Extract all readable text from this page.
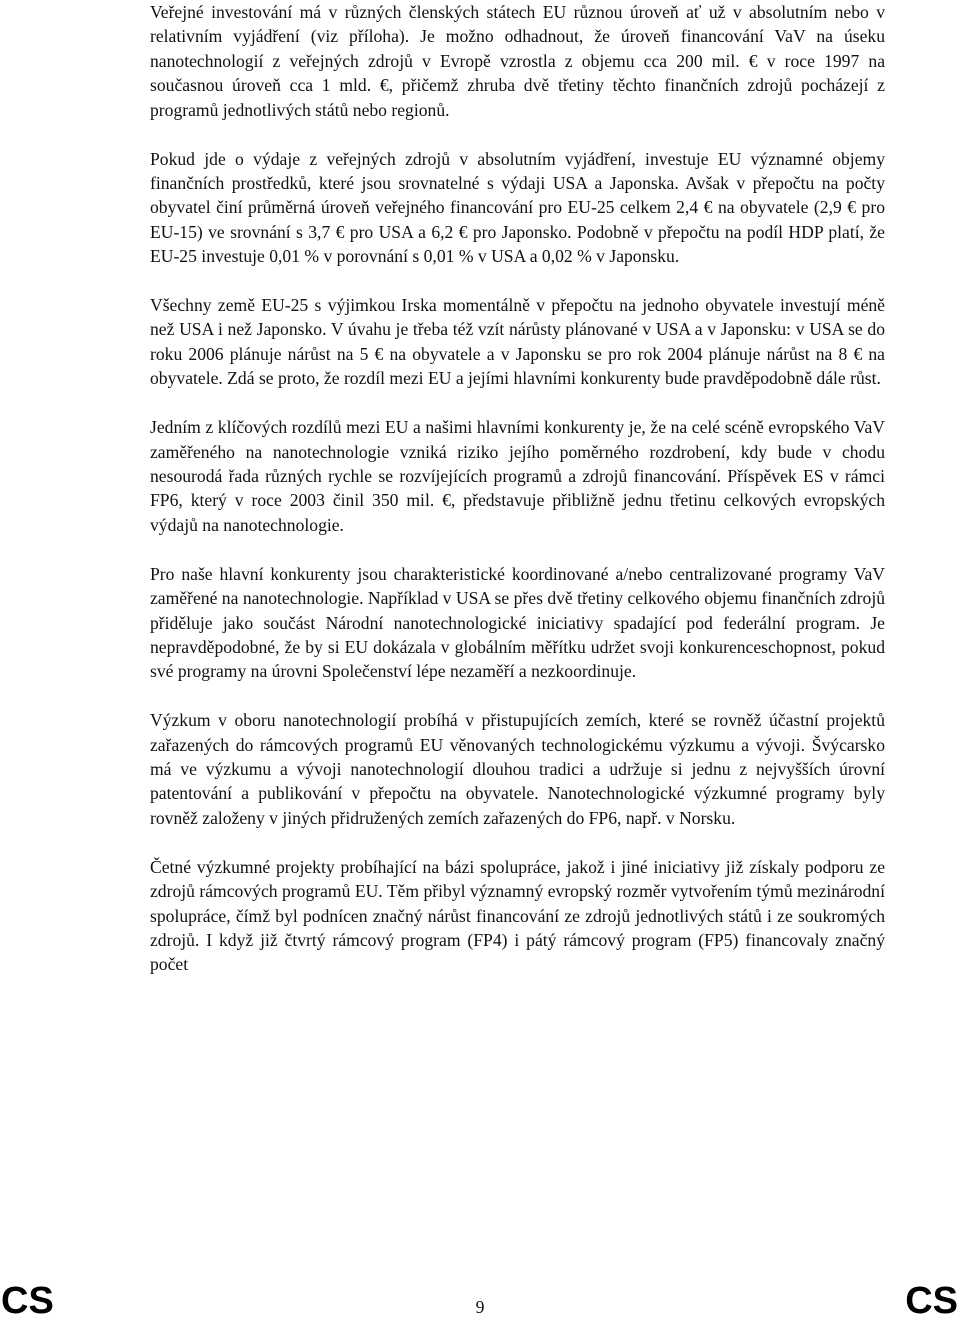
Veřejné investování má v různých členských státech EU různou úroveň ať už v absolutním nebo v relativním vyjádření (viz příloha). Je možno odhadnout, že úroveň financování VaV na úseku nanotechnologií z veřejných zdrojů v Evropě vzrostla z objemu cca 200 mil. € v roce 1997 na současnou úroveň cca 1 mld. €, přičemž zhruba dvě třetiny těchto finančních zdrojů pocházejí z programů jednotlivých států nebo regionů.

Pokud jde o výdaje z veřejných zdrojů v absolutním vyjádření, investuje EU významné objemy finančních prostředků, které jsou srovnatelné s výdaji USA a Japonska. Avšak v přepočtu na počty obyvatel činí průměrná úroveň veřejného financování pro EU-25 celkem 2,4 € na obyvatele (2,9 € pro EU-15) ve srovnání s 3,7 € pro USA a 6,2 € pro Japonsko. Podobně v přepočtu na podíl HDP platí, že EU-25 investuje 0,01 % v porovnání s 0,01 % v USA a 0,02 % v Japonsku.

Všechny země EU-25 s výjimkou Irska momentálně v přepočtu na jednoho obyvatele investují méně než USA i než Japonsko. V úvahu je třeba též vzít nárůsty plánované v USA a v Japonsku: v USA se do roku 2006 plánuje nárůst na 5 € na obyvatele a v Japonsku se pro rok 2004 plánuje nárůst na 8 € na obyvatele. Zdá se proto, že rozdíl mezi EU a jejími hlavními konkurenty bude pravděpodobně dále růst.

Jedním z klíčových rozdílů mezi EU a našimi hlavními konkurenty je, že na celé scéně evropského VaV zaměřeného na nanotechnologie vzniká riziko jejího poměrného rozdrobení, kdy bude v chodu nesourodá řada různých rychle se rozvíjejících programů a zdrojů financování. Příspěvek ES v rámci FP6, který v roce 2003 činil 350 mil. €, představuje přibližně jednu třetinu celkových evropských výdajů na nanotechnologie.

Pro naše hlavní konkurenty jsou charakteristické koordinované a/nebo centralizované programy VaV zaměřené na nanotechnologie. Například v USA se přes dvě třetiny celkového objemu finančních zdrojů přiděluje jako součást Národní nanotechnologické iniciativy spadající pod federální program. Je nepravděpodobné, že by si EU dokázala v globálním měřítku udržet svoji konkurenceschopnost, pokud své programy na úrovni Společenství lépe nezaměří a nezkoordinuje.

Výzkum v oboru nanotechnologií probíhá v přistupujících zemích, které se rovněž účastní projektů zařazených do rámcových programů EU věnovaných technologickému výzkumu a vývoji. Švýcarsko má ve výzkumu a vývoji nanotechnologií dlouhou tradici a udržuje si jednu z nejvyšších úrovní patentování a publikování v přepočtu na obyvatele. Nanotechnologické výzkumné programy byly rovněž založeny v jiných přidružených zemích zařazených do FP6, např. v Norsku.

Četné výzkumné projekty probíhající na bázi spolupráce, jakož i jiné iniciativy již získaly podporu ze zdrojů rámcových programů EU. Těm přibyl významný evropský rozměr vytvořením týmů mezinárodní spolupráce, čímž byl podnícen značný nárůst financování ze zdrojů jednotlivých států i ze soukromých zdrojů. I když již čtvrtý rámcový program (FP4) i pátý rámcový program (FP5) financovaly značný počet

CS	9	CS
